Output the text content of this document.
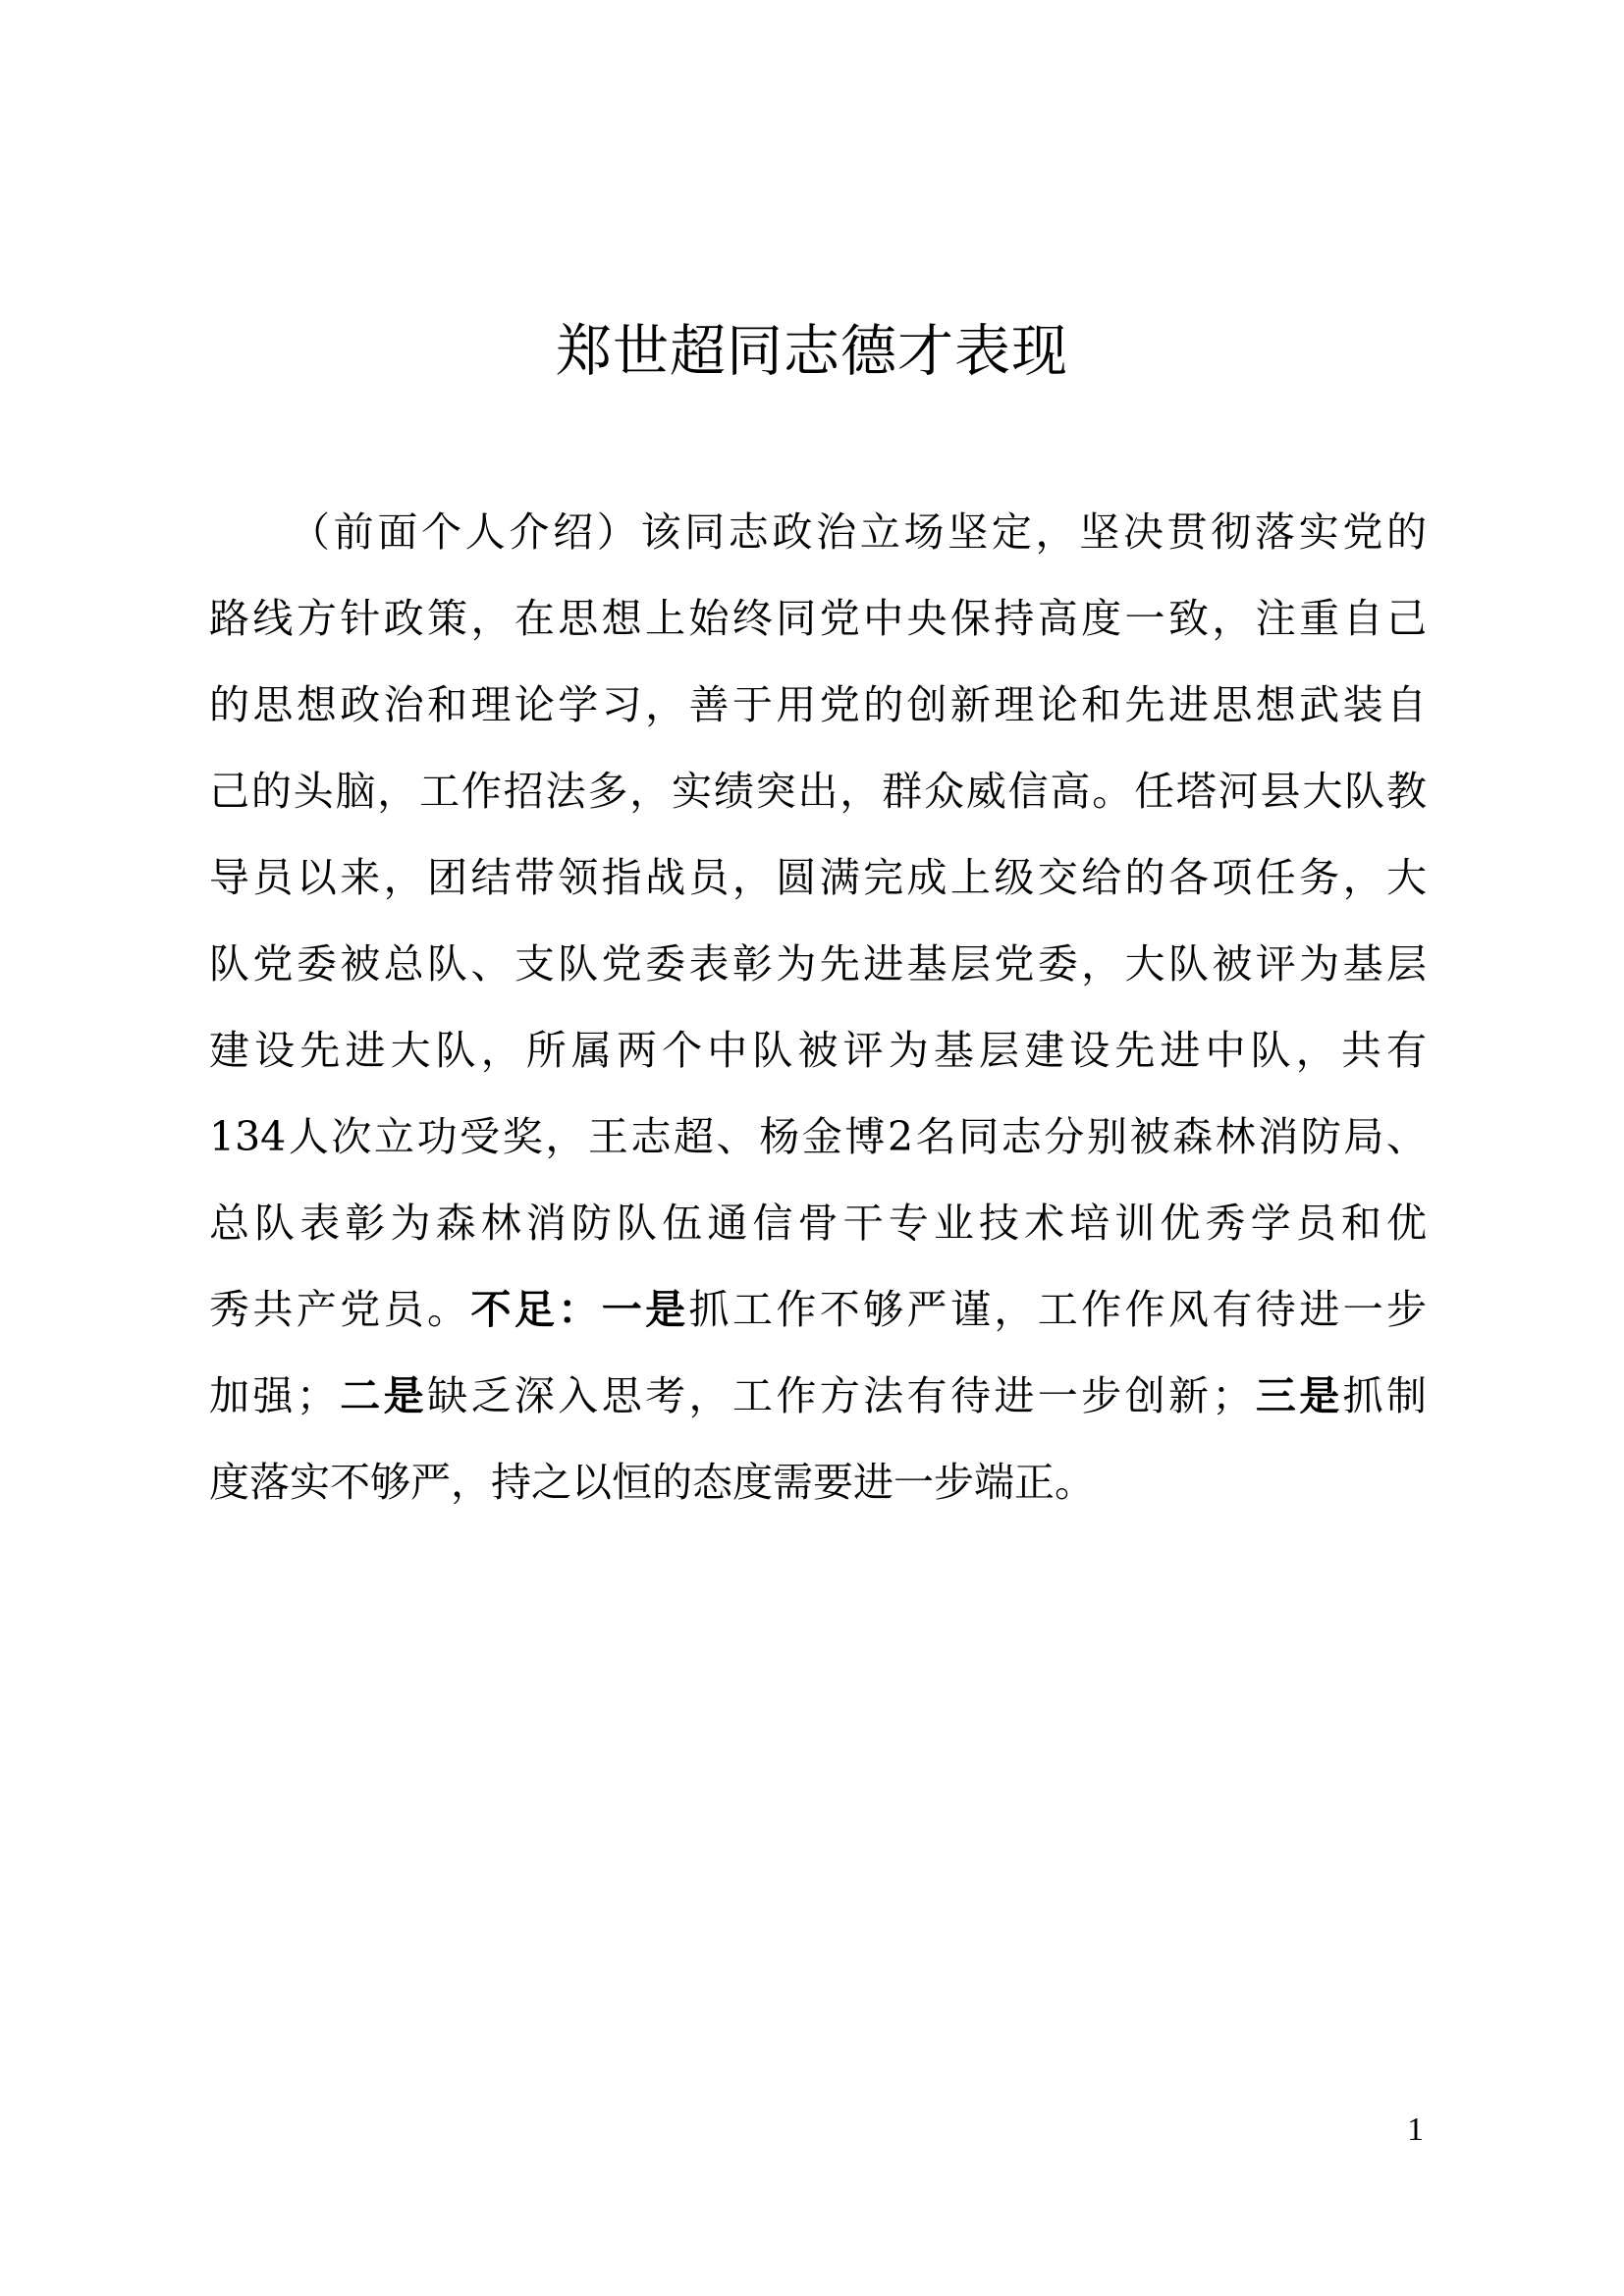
郑世超同志德才表现
（前面个人介绍）该同志政治立场坚定，坚决贯彻落实党的
路线方针政策，在思想上始终同党中央保持高度一致，注重自己
的思想政治和理论学习，善于用党的创新理论和先进思想武装自
己的头脑，工作招法多，实绩突出，群众威信高。任塔河县大队教
导员以来，团结带领指战员，圆满完成上级交给的各项任务，大
队党委被总队、支队党委表彰为先进基层党委，大队被评为基层
建设先进大队，所属两个中队被评为基层建设先进中队，共有
134人次立功受奖，王志超、杨金博2名同志分别被森林消防局、
总队表彰为森林消防队伍通信骨干专业技术培训优秀学员和优
秀共产党员。不足：一是抓工作不够严谨，工作作风有待进一步
加强；二是缺乏深入思考，工作方法有待进一步创新；三是抓制
度落实不够严，持之以恒的态度需要进一步端正。
1
